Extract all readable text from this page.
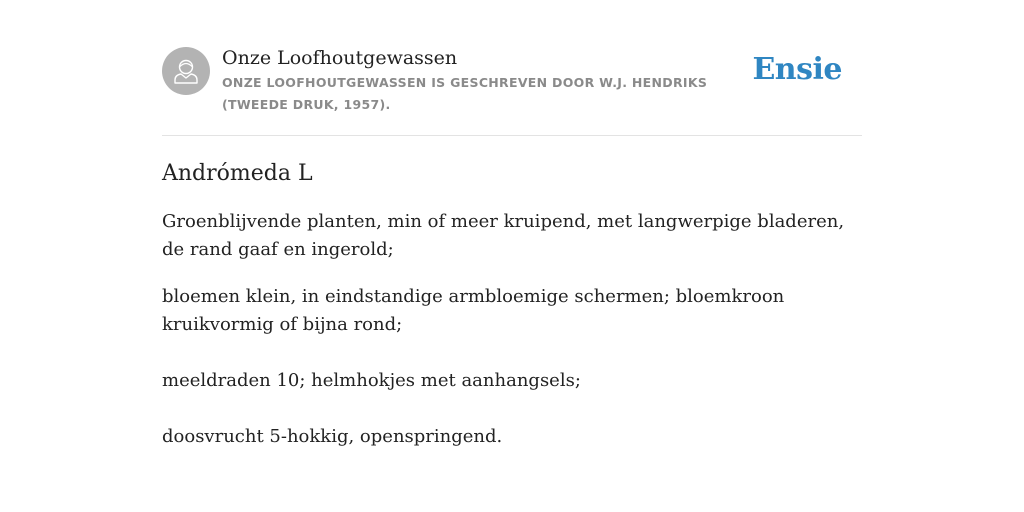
Onze Loofhoutgewassen
ONZE LOOFHOUTGEWASSEN IS GESCHREVEN DOOR W.J. HENDRIKS (TWEEDE DRUK, 1957).
Ensie
Andrómeda L

Groenblijvende planten, min of meer kruipend, met langwerpige bladeren, de rand gaaf en ingerold;

bloemen klein, in eindstandige armbloemige schermen; bloemkroon kruikvormig of bijna rond;

meeldraden 10; helmhokjes met aanhangsels;

doosvrucht 5-hokkig, openspringend.
